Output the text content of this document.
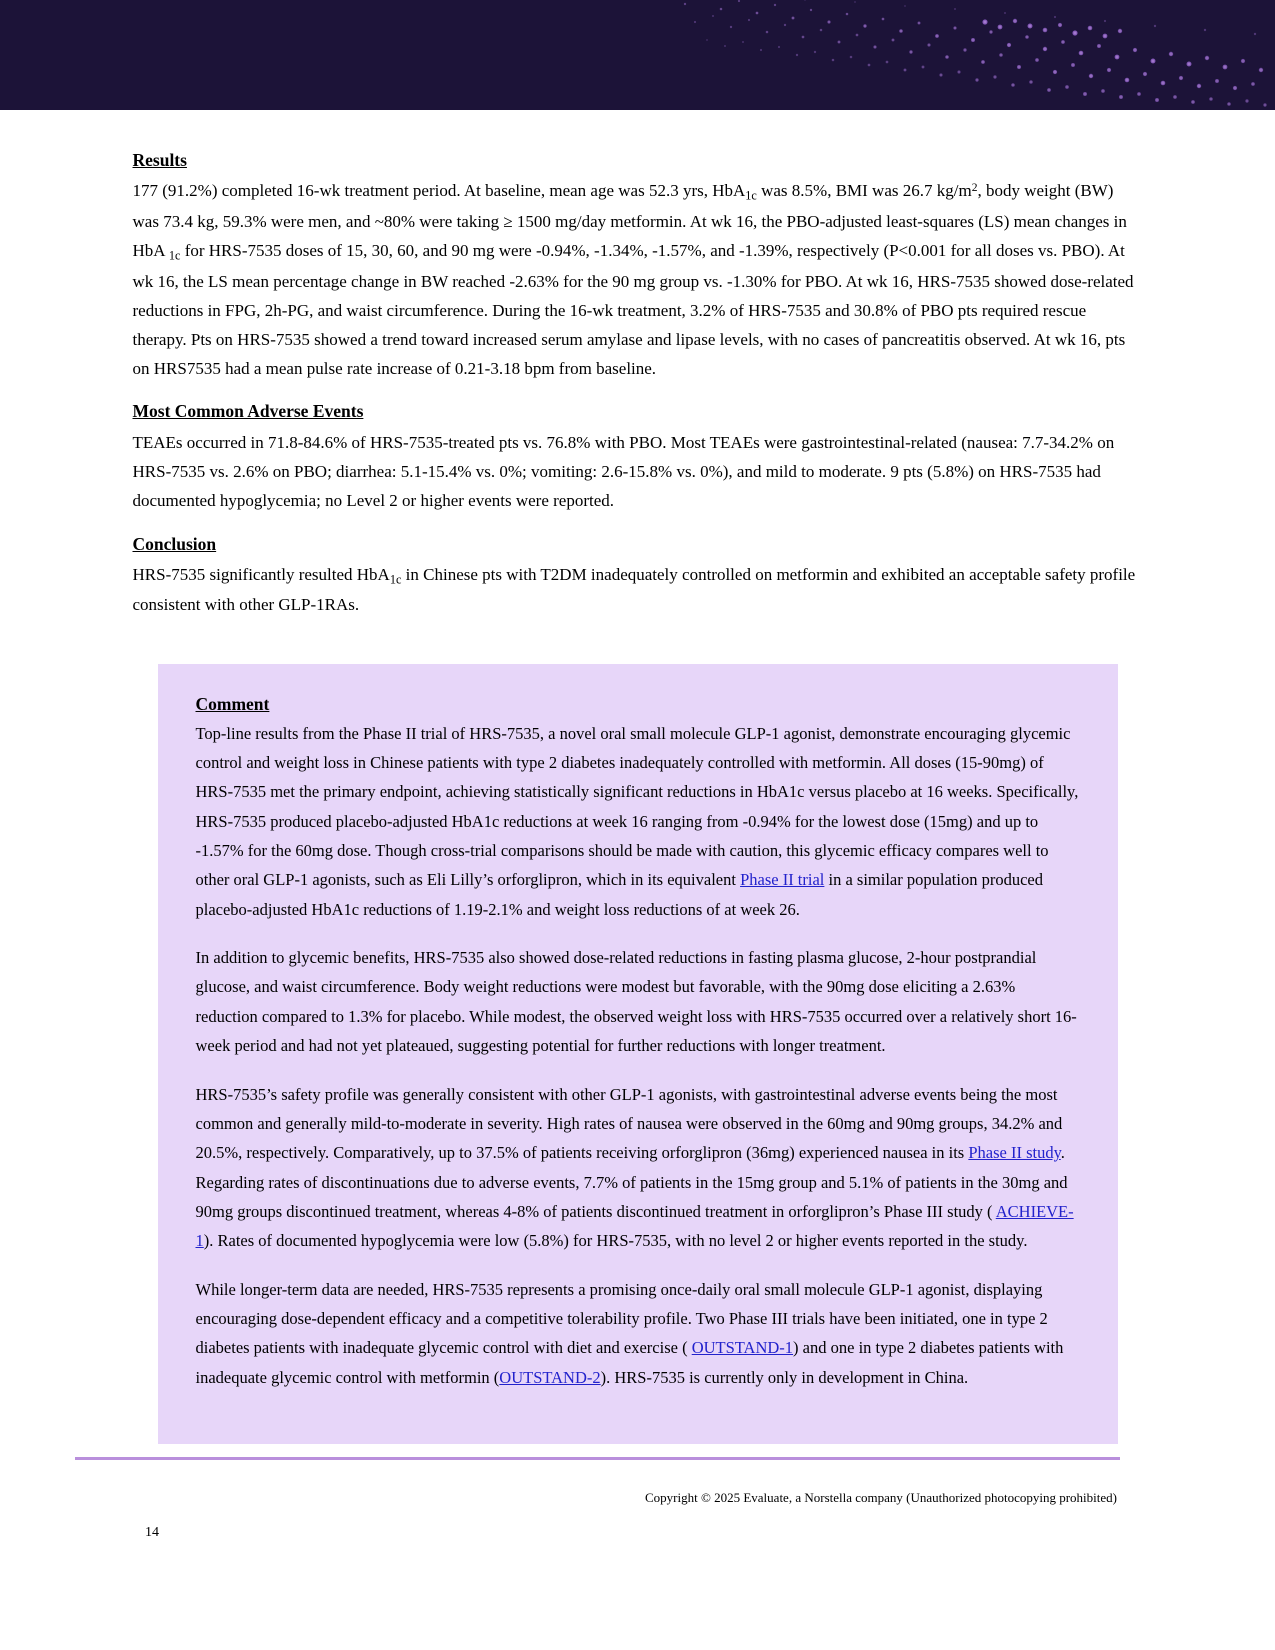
Results

177 (91.2%) completed 16-wk treatment period. At baseline, mean age was 52.3 yrs, HbA$_{1c}$ was 8.5%, BMI was 26.7 $kg/m^2$, body weight (BW) was 73.4 kg, 59.3% were men, and ~80% were taking ≥ 1500 mg/day metformin. At wk 16, the PBO-adjusted least-squares (LS) mean changes in HbA $_{1c}$ for HRS-7535 doses of 15, 30, 60, and 90 mg were -0.94%, -1.34%, -1.57%, and -1.39%, respectively (P<0.001 for all doses vs. PBO). At wk 16, the LS mean percentage change in BW reached -2.63% for the 90 mg group vs. -1.30% for PBO. At wk 16, HRS-7535 showed dose-related reductions in FPG, 2h-PG, and waist circumference. During the 16-wk treatment, 3.2% of HRS-7535 and 30.8% of PBO pts required rescue therapy. Pts on HRS-7535 showed a trend toward increased serum amylase and lipase levels, with no cases of pancreatitis observed. At wk 16, pts on HRS7535 had a mean pulse rate increase of 0.21-3.18 bpm from baseline.

Most Common Adverse Events

TEAEs occurred in 71.8-84.6% of HRS-7535-treated pts vs. 76.8% with PBO. Most TEAEs were gastrointestinal-related (nausea: 7.7-34.2% on HRS-7535 vs. 2.6% on PBO; diarrhea: 5.1-15.4% vs. 0%; vomiting: 2.6-15.8% vs. 0%), and mild to moderate. 9 pts (5.8%) on HRS-7535 had documented hypoglycemia; no Level 2 or higher events were reported.

Conclusion

HRS-7535 significantly resulted HbA$_{1c}$ in Chinese pts with T2DM inadequately controlled on metformin and exhibited an acceptable safety profile consistent with other GLP-1RAs.

Comment

Top-line results from the Phase II trial of HRS-7535, a novel oral small molecule GLP-1 agonist, demonstrate encouraging glycemic control and weight loss in Chinese patients with type 2 diabetes inadequately controlled with metformin. All doses (15-90mg) of HRS-7535 met the primary endpoint, achieving statistically significant reductions in HbA1c versus placebo at 16 weeks. Specifically, HRS-7535 produced placebo-adjusted HbA1c reductions at week 16 ranging from -0.94% for the lowest dose (15mg) and up to -1.57% for the 60mg dose. Though cross-trial comparisons should be made with caution, this glycemic efficacy compares well to other oral GLP-1 agonists, such as Eli Lilly’s orforglipron, which in its equivalent Phase II trial in a similar population produced placebo-adjusted HbA1c reductions of 1.19-2.1% and weight loss reductions of at week 26.

In addition to glycemic benefits, HRS-7535 also showed dose-related reductions in fasting plasma glucose, 2-hour postprandial glucose, and waist circumference. Body weight reductions were modest but favorable, with the 90mg dose eliciting a 2.63% reduction compared to 1.3% for placebo. While modest, the observed weight loss with HRS-7535 occurred over a relatively short 16-week period and had not yet plateaued, suggesting potential for further reductions with longer treatment.

HRS-7535’s safety profile was generally consistent with other GLP-1 agonists, with gastrointestinal adverse events being the most common and generally mild-to-moderate in severity. High rates of nausea were observed in the 60mg and 90mg groups, 34.2% and 20.5%, respectively. Comparatively, up to 37.5% of patients receiving orforglipron (36mg) experienced nausea in its Phase II study. Regarding rates of discontinuations due to adverse events, 7.7% of patients in the 15mg group and 5.1% of patients in the 30mg and 90mg groups discontinued treatment, whereas 4-8% of patients discontinued treatment in orforglipron’s Phase III study ( ACHIEVE-1). Rates of documented hypoglycemia were low (5.8%) for HRS-7535, with no level 2 or higher events reported in the study.

While longer-term data are needed, HRS-7535 represents a promising once-daily oral small molecule GLP-1 agonist, displaying encouraging dose-dependent efficacy and a competitive tolerability profile. Two Phase III trials have been initiated, one in type 2 diabetes patients with inadequate glycemic control with diet and exercise ( OUTSTAND-1) and one in type 2 diabetes patients with inadequate glycemic control with metformin (OUTSTAND-2). HRS-7535 is currently only in development in China.

Copyright © 2025 Evaluate, a Norstella company (Unauthorized photocopying prohibited)
14
